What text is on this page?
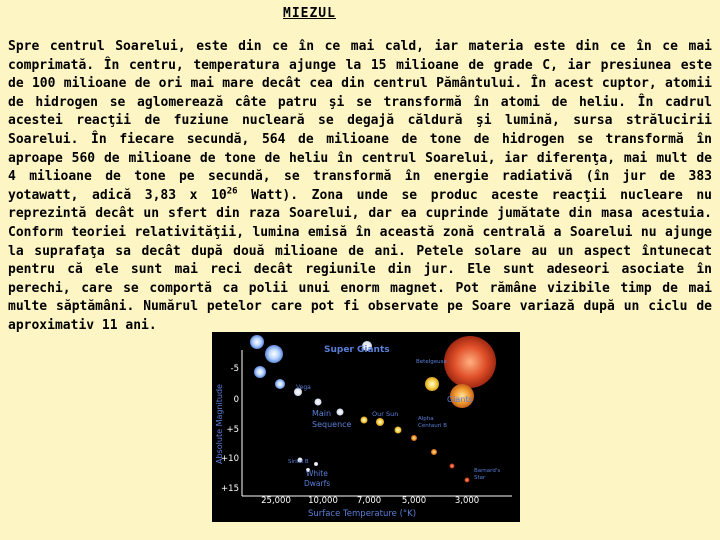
MIEZUL

Spre centrul Soarelui, este din ce în ce mai cald, iar materia este din ce în ce mai comprimată. În centru, temperatura ajunge la 15 milioane de grade C, iar presiunea este de 100 milioane de ori mai mare decât cea din centrul Pământului. În acest cuptor, atomii de hidrogen se aglomerează câte patru şi se transformă în atomi de heliu. În cadrul acestei reacţii de fuziune nucleară se degajă căldură şi lumină, sursa strălucirii Soarelui. În fiecare secundă, 564 de milioane de tone de hidrogen se transformă în aproape 560 de milioane de tone de heliu în centrul Soarelui, iar diferenţa, mai mult de 4 milioane de tone pe secundă, se transformă în energie radiativă (în jur de 383 yotawatt, adică 3,83 x $10^{26}$ Watt). Zona unde se produc aceste reacţii nucleare nu reprezintă decât un sfert din raza Soarelui, dar ea cuprinde jumătate din masa acestuia. Conform teoriei relativităţii, lumina emisă în această zonă centrală a Soarelui nu ajunge la suprafaţa sa decât după două milioane de ani. Petele solare au un aspect întunecat pentru că ele sunt mai reci decât regiunile din jur. Ele sunt adeseori asociate în perechi, care se comportă ca polii unui enorm magnet. Pot rămâne vizibile timp de mai multe săptămâni. Numărul petelor care pot fi observate pe Soare variază după un ciclu de aproximativ 11 ani.

Absolute Magnitude
-5
0
+5
+10
+15
25,000 10,000 7,000 5,000	3,000
Surface Temperature (°K)
Super Giants
Betelgeuse
Giants
Vega
Our Sun
Alpha Centauri B
Barnard's Star
Main Sequence
Sirius B
White Dwarfs
